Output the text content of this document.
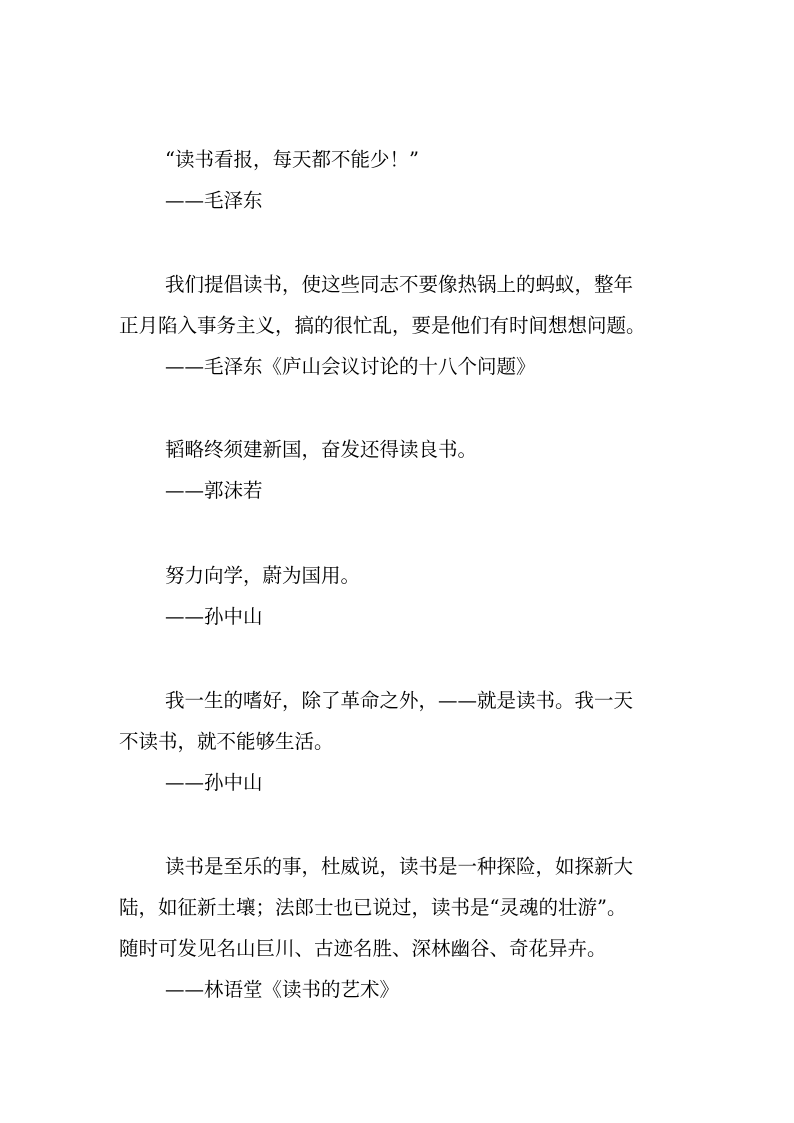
“读书看报，每天都不能少！”
——毛泽东
我们提倡读书，使这些同志不要像热锅上的蚂蚁，整年
正月陷入事务主义，搞的很忙乱，要是他们有时间想想问题。
——毛泽东《庐山会议讨论的十八个问题》
韬略终须建新国，奋发还得读良书。
——郭沫若
努力向学，蔚为国用。
——孙中山
我一生的嗜好，除了革命之外，——就是读书。我一天
不读书，就不能够生活。
——孙中山
读书是至乐的事，杜威说，读书是一种探险，如探新大
陆，如征新土壤；法郎士也已说过，读书是“灵魂的壮游”。
随时可发见名山巨川、古迹名胜、深林幽谷、奇花异卉。
——林语堂《读书的艺术》
